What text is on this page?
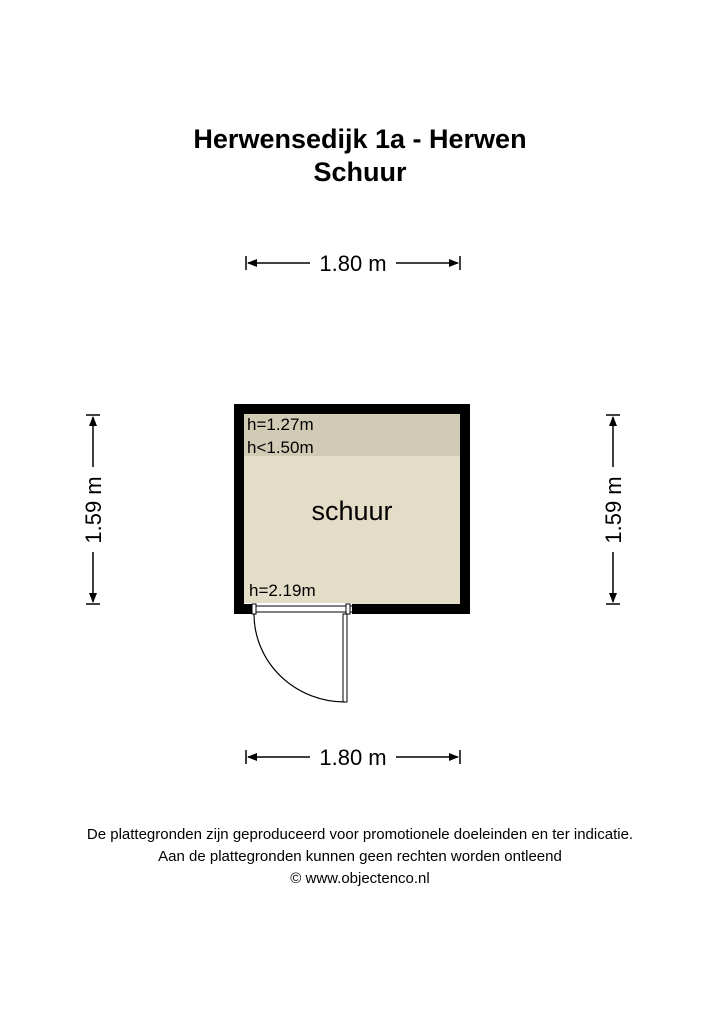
Herwensedijk 1a - Herwen
Schuur
1.80 m
1.80 m
1.59 m	1.59 m
h=1.27m
h<1.50m
schuur
h=2.19m
De plattegronden zijn geproduceerd voor promotionele doeleinden en ter indicatie.
Aan de plattegronden kunnen geen rechten worden ontleend
© www.objectenco.nl
